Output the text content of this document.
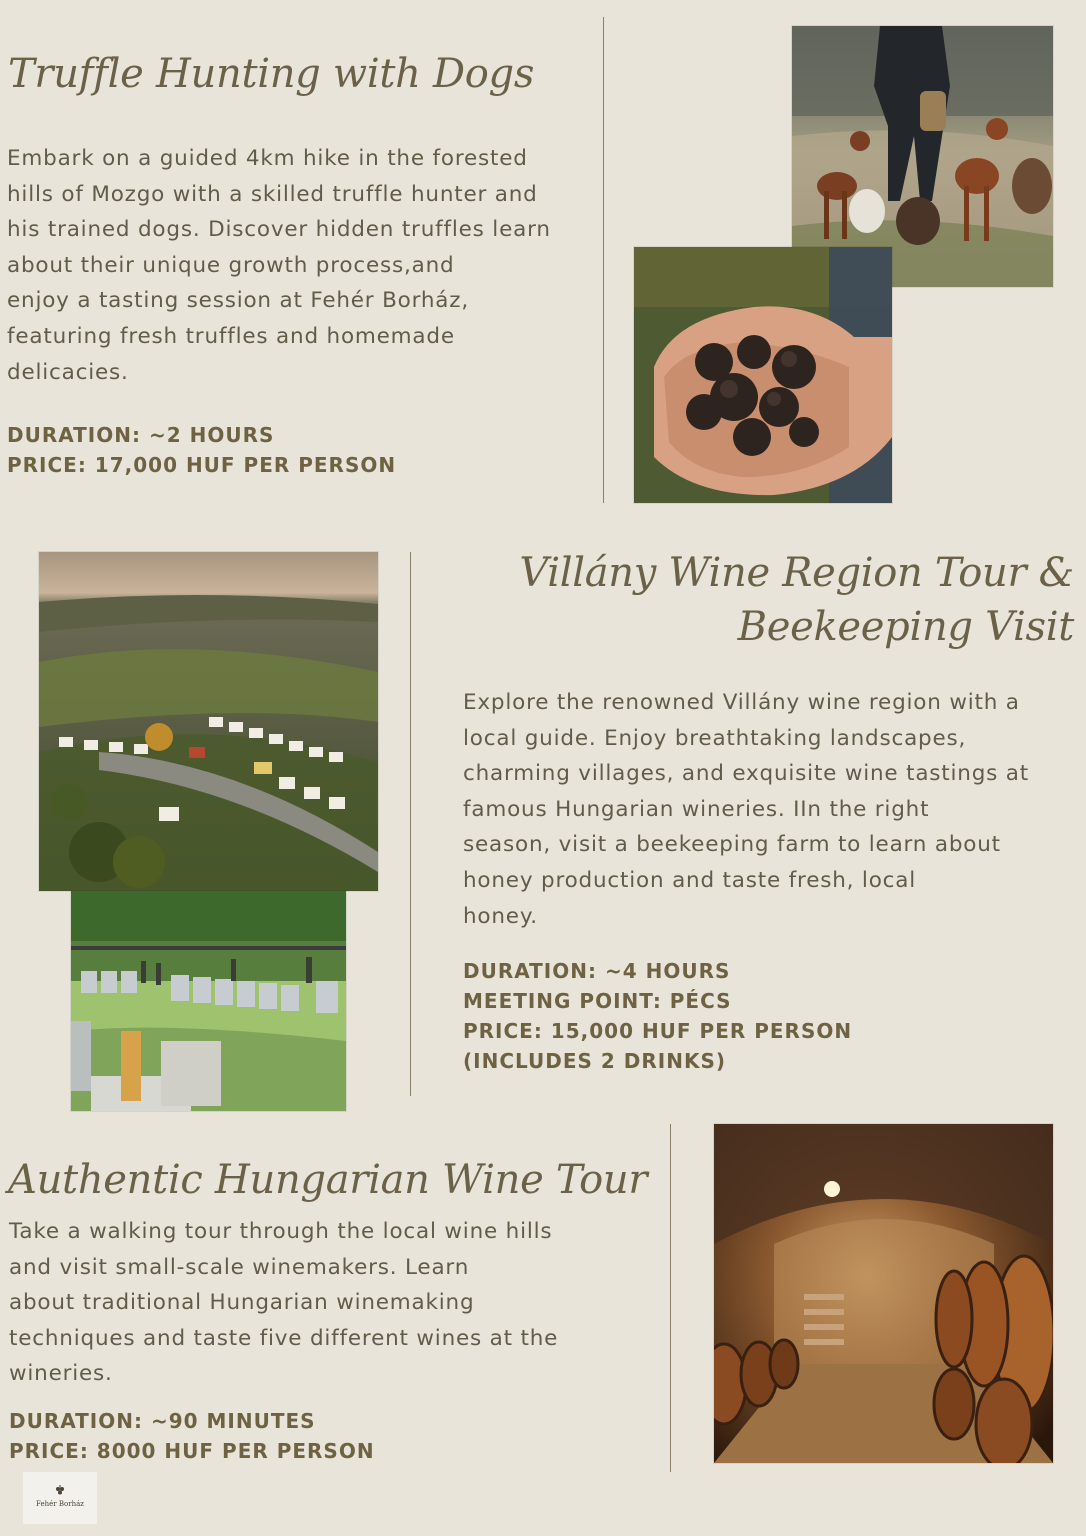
Truffle Hunting with Dogs

Embark on a guided 4km hike in the forested

hills of Mozgo with a skilled truffle hunter and

his trained dogs. Discover hidden truffles learn

about their unique growth process,and

enjoy a tasting session at Fehér Borház,

featuring fresh truffles and homemade

delicacies.

DURATION: ~2 HOURS

PRICE: 17,000 HUF PER PERSON

Villány Wine Region Tour &
Beekeeping Visit

Explore the renowned Villány wine region with a

local guide. Enjoy breathtaking landscapes,

charming villages, and exquisite wine tastings at

famous Hungarian wineries. IIn the right

season, visit a beekeeping farm to learn about

honey production and taste fresh, local

honey.

DURATION: ~4 HOURS

MEETING POINT: PÉCS

PRICE: 15,000 HUF PER PERSON

(INCLUDES 2 DRINKS)

Authentic Hungarian Wine Tour

Take a walking tour through the local wine hills

and visit small-scale winemakers. Learn

about traditional Hungarian winemaking

techniques and taste five different wines at the

wineries.

DURATION: ~90 MINUTES

PRICE: 8000 HUF PER PERSON

Fehér Borház
